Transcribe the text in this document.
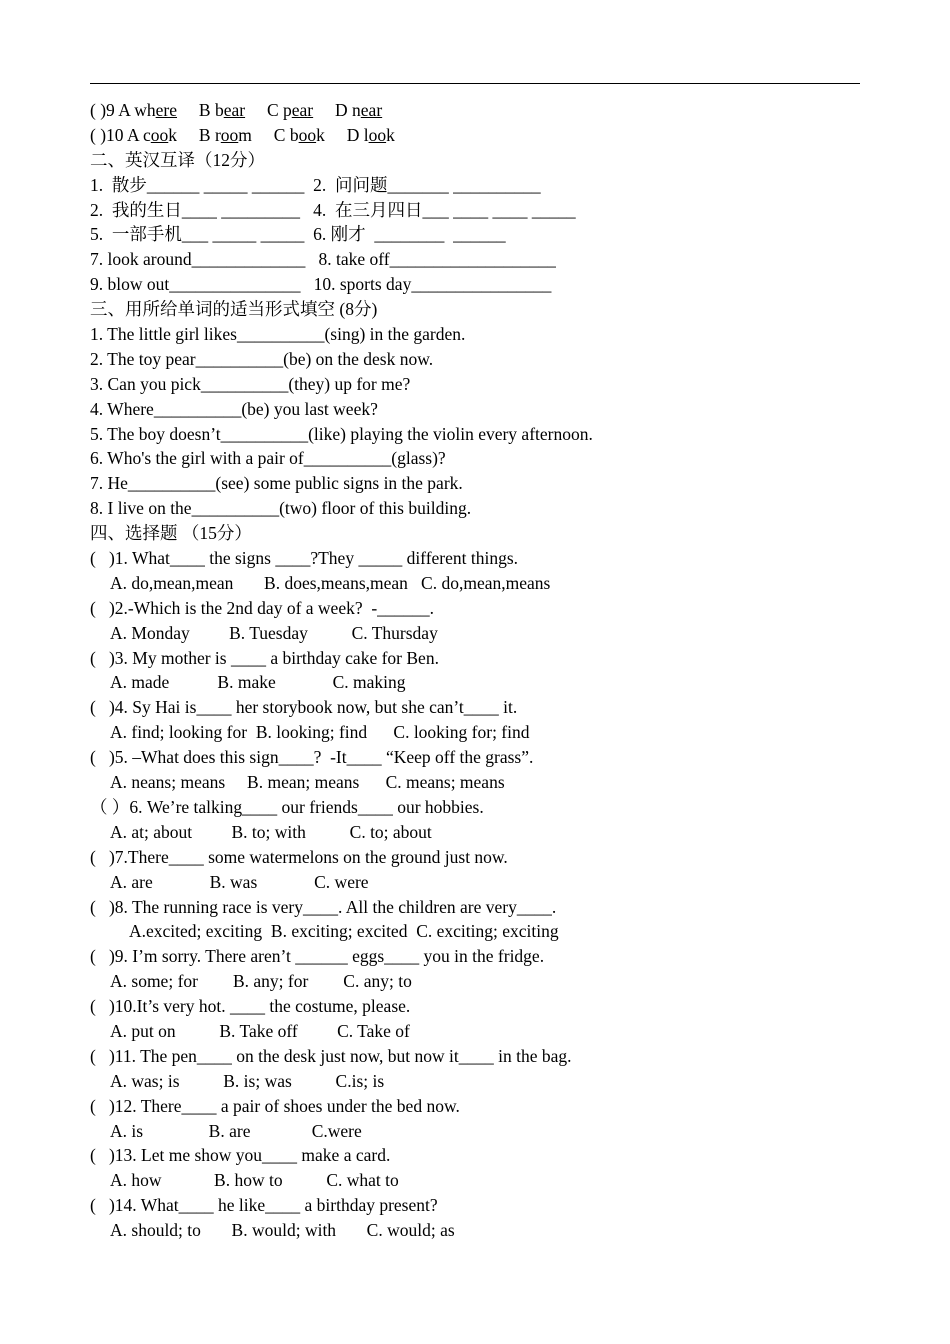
( )9 A where B bear C pear D near
( )10 A cook     B room     C book     D look
二、英汉互译（12分）
1.  散步______ _____ ______  2.  问问题_______ __________
2.  我的生日____ _________   4.  在三月四日___ ____ ____ _____
5.  一部手机___ _____ _____  6. 刚才  ________  ______
7. look around_____________   8. take off___________________
9. blow out_______________   10. sports day________________
三、用所给单词的适当形式填空 (8分)
1. The little girl likes__________(sing) in the garden.
2. The toy pear__________(be) on the desk now.
3. Can you pick__________(they) up for me?
4. Where__________(be) you last week?
5. The boy doesn’t__________(like) playing the violin every afternoon.
6. Who's the girl with a pair of__________(glass)?
7. He__________(see) some public signs in the park.
8. I live on the__________(two) floor of this building.
四、选择题 （15分）
(   )1. What____ the signs ____?They _____ different things.
A. do,mean,mean       B. does,means,mean   C. do,mean,means
(   )2.-Which is the 2nd day of a week?  -______.
A. Monday         B. Tuesday          C. Thursday
(   )3. My mother is ____ a birthday cake for Ben.
A. made           B. make             C. making
(   )4. Sy Hai is____ her storybook now, but she can’t____ it.
A. find; looking for  B. looking; find      C. looking for; find
(   )5. –What does this sign____?  -It____ “Keep off the grass”.
A. neans; means     B. mean; means      C. means; means
（ ）6. We’re talking____ our friends____ our hobbies.
A. at; about         B. to; with          C. to; about
(   )7.There____ some watermelons on the ground just now.
A. are             B. was             C. were
(   )8. The running race is very____. All the children are very____.
A.excited; exciting  B. exciting; excited  C. exciting; exciting
(   )9. I’m sorry. There aren’t ______ eggs____ you in the fridge.
A. some; for        B. any; for        C. any; to
(   )10.It’s very hot. ____ the costume, please.
A. put on          B. Take off         C. Take of
(   )11. The pen____ on the desk just now, but now it____ in the bag.
A. was; is          B. is; was          C.is; is
(   )12. There____ a pair of shoes under the bed now.
A. is               B. are              C.were
(   )13. Let me show you____ make a card.
A. how            B. how to          C. what to
(   )14. What____ he like____ a birthday present?
A. should; to       B. would; with       C. would; as
